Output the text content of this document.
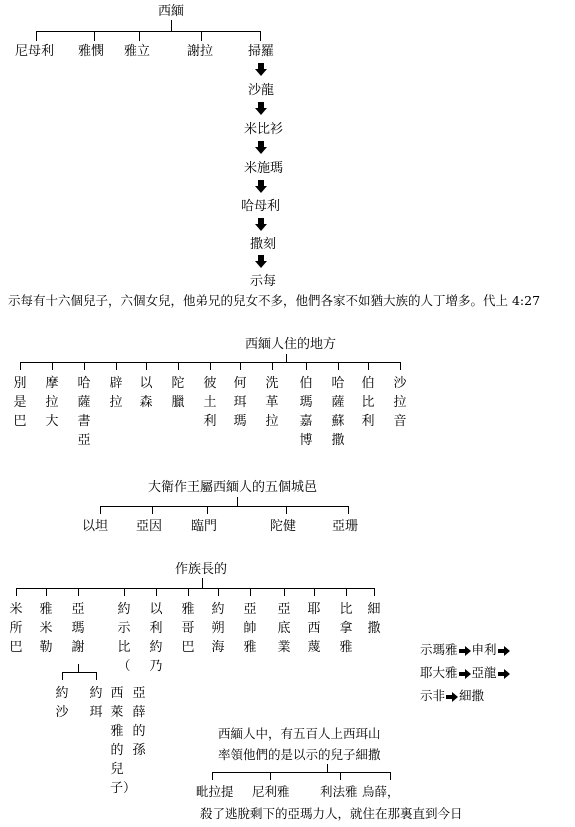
西緬
尼母利 雅憫 雅立	謝拉	掃羅
沙龍
米比衫
米施瑪
哈母利
撒刻
示每
示每有十六個兒子，六個女兒，他弟兄的兒女不多，他們各家不如猶大族的人丁增多。代上 4:27
西緬人住的地方
別是巴
摩拉大
哈薩書亞
辟拉
以森
陀臘
彼土利
何珥瑪
洗革拉
伯瑪嘉博
哈薩蘇撒
伯比利
沙拉音
大衛作王屬西緬人的五個城邑
以坦 亞因 臨門	陀健	亞珊
作族長的
米所巴
雅米勒
亞瑪謝
約示比（
以利約乃
雅哥巴
約朔海
亞帥雅
亞底業
耶西蔑
比拿雅
細撒
約沙
約珥
西萊雅的兒子）
亞薛的孫
示瑪雅 申利
耶大雅 亞龍
示非 細撒
西緬人中，有五百人上西珥山
率領他們的是以示的兒子細撒
毗拉提 尼利雅 利法雅 烏薛，
殺了逃脫剩下的亞瑪力人，就住在那裏直到今日
